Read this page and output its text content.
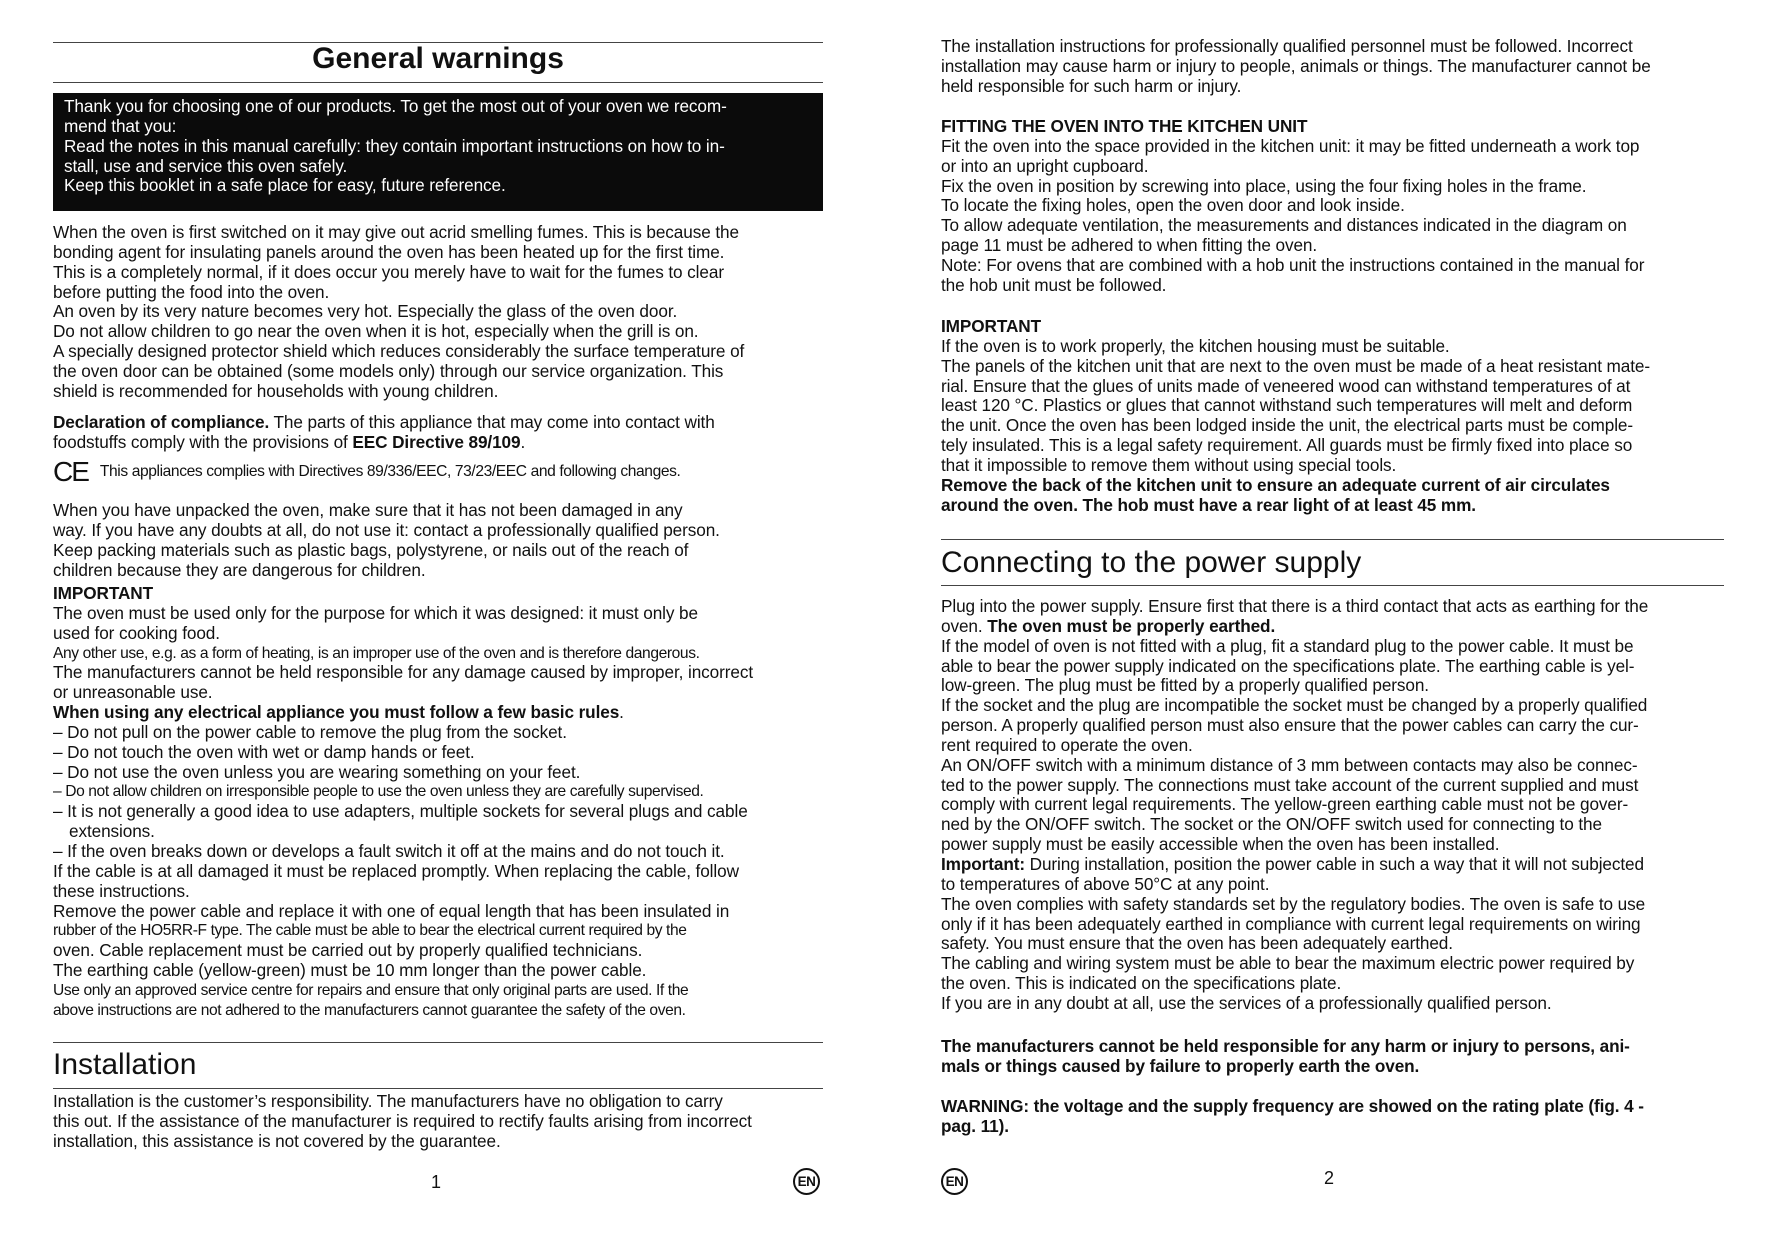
General warnings

Thank you for choosing one of our products. To get the most out of your oven we recom-

mend that you:

Read the notes in this manual carefully: they contain important instructions on how to in-

stall, use and service this oven safely.

Keep this booklet in a safe place for easy, future reference.

When the oven is first switched on it may give out acrid smelling fumes. This is because the

bonding agent for insulating panels around the oven has been heated up for the first time.

This is a completely normal, if it does occur you merely have to wait for the fumes to clear

before putting the food into the oven.

An oven by its very nature becomes very hot. Especially the glass of the oven door.

Do not allow children to go near the oven when it is hot, especially when the grill is on.

A specially designed protector shield which reduces considerably the surface temperature of

the oven door can be obtained (some models only) through our service organization. This

shield is recommended for households with young children.

Declaration of compliance. The parts of this appliance that may come into contact with

foodstuffs comply with the provisions of EEC Directive 89/109.

CE This appliances complies with Directives 89/336/EEC, 73/23/EEC and following changes.

When you have unpacked the oven, make sure that it has not been damaged in any

way. If you have any doubts at all, do not use it: contact a professionally qualified person.

Keep packing materials such as plastic bags, polystyrene, or nails out of the reach of

children because they are dangerous for children.

IMPORTANT

The oven must be used only for the purpose for which it was designed: it must only be

used for cooking food.

Any other use, e.g. as a form of heating, is an improper use of the oven and is therefore dangerous.

The manufacturers cannot be held responsible for any damage caused by improper, incorrect

or unreasonable use.

When using any electrical appliance you must follow a few basic rules.

– Do not pull on the power cable to remove the plug from the socket.

– Do not touch the oven with wet or damp hands or feet.

– Do not use the oven unless you are wearing something on your feet.

– Do not allow children on irresponsible people to use the oven unless they are carefully supervised.

– It is not generally a good idea to use adapters, multiple sockets for several plugs and cable

extensions.

– If the oven breaks down or develops a fault switch it off at the mains and do not touch it.

If the cable is at all damaged it must be replaced promptly. When replacing the cable, follow

these instructions.

Remove the power cable and replace it with one of equal length that has been insulated in

rubber of the HO5RR-F type. The cable must be able to bear the electrical current required by the

oven. Cable replacement must be carried out by properly qualified technicians.

The earthing cable (yellow-green) must be 10 mm longer than the power cable.

Use only an approved service centre for repairs and ensure that only original parts are used. If the

above instructions are not adhered to the manufacturers cannot guarantee the safety of the oven.

Installation

Installation is the customer’s responsibility. The manufacturers have no obligation to carry

this out. If the assistance of the manufacturer is required to rectify faults arising from incorrect

installation, this assistance is not covered by the guarantee.

1	EN

The installation instructions for professionally qualified personnel must be followed. Incorrect

installation may cause harm or injury to people, animals or things. The manufacturer cannot be

held responsible for such harm or injury.

FITTING THE OVEN INTO THE KITCHEN UNIT

Fit the oven into the space provided in the kitchen unit: it may be fitted underneath a work top

or into an upright cupboard.

Fix the oven in position by screwing into place, using the four fixing holes in the frame.

To locate the fixing holes, open the oven door and look inside.

To allow adequate ventilation, the measurements and distances indicated in the diagram on

page 11 must be adhered to when fitting the oven.

Note: For ovens that are combined with a hob unit the instructions contained in the manual for

the hob unit must be followed.

IMPORTANT

If the oven is to work properly, the kitchen housing must be suitable.

The panels of the kitchen unit that are next to the oven must be made of a heat resistant mate-

rial. Ensure that the glues of units made of veneered wood can withstand temperatures of at

least 120 °C. Plastics or glues that cannot withstand such temperatures will melt and deform

the unit. Once the oven has been lodged inside the unit, the electrical parts must be comple-

tely insulated. This is a legal safety requirement. All guards must be firmly fixed into place so

that it impossible to remove them without using special tools.

Remove the back of the kitchen unit to ensure an adequate current of air circulates

around the oven. The hob must have a rear light of at least 45 mm.

Connecting to the power supply

Plug into the power supply. Ensure first that there is a third contact that acts as earthing for the

oven. The oven must be properly earthed.

If the model of oven is not fitted with a plug, fit a standard plug to the power cable. It must be

able to bear the power supply indicated on the specifications plate. The earthing cable is yel-

low-green. The plug must be fitted by a properly qualified person.

If the socket and the plug are incompatible the socket must be changed by a properly qualified

person. A properly qualified person must also ensure that the power cables can carry the cur-

rent required to operate the oven.

An ON/OFF switch with a minimum distance of 3 mm between contacts may also be connec-

ted to the power supply. The connections must take account of the current supplied and must

comply with current legal requirements. The yellow-green earthing cable must not be gover-

ned by the ON/OFF switch. The socket or the ON/OFF switch used for connecting to the

power supply must be easily accessible when the oven has been installed.

Important: During installation, position the power cable in such a way that it will not subjected

to temperatures of above 50°C at any point.

The oven complies with safety standards set by the regulatory bodies. The oven is safe to use

only if it has been adequately earthed in compliance with current legal requirements on wiring

safety. You must ensure that the oven has been adequately earthed.

The cabling and wiring system must be able to bear the maximum electric power required by

the oven. This is indicated on the specifications plate.

If you are in any doubt at all, use the services of a professionally qualified person.

The manufacturers cannot be held responsible for any harm or injury to persons, ani-

mals or things caused by failure to properly earth the oven.

WARNING: the voltage and the supply frequency are showed on the rating plate (fig. 4 -

pag. 11).

EN	2
